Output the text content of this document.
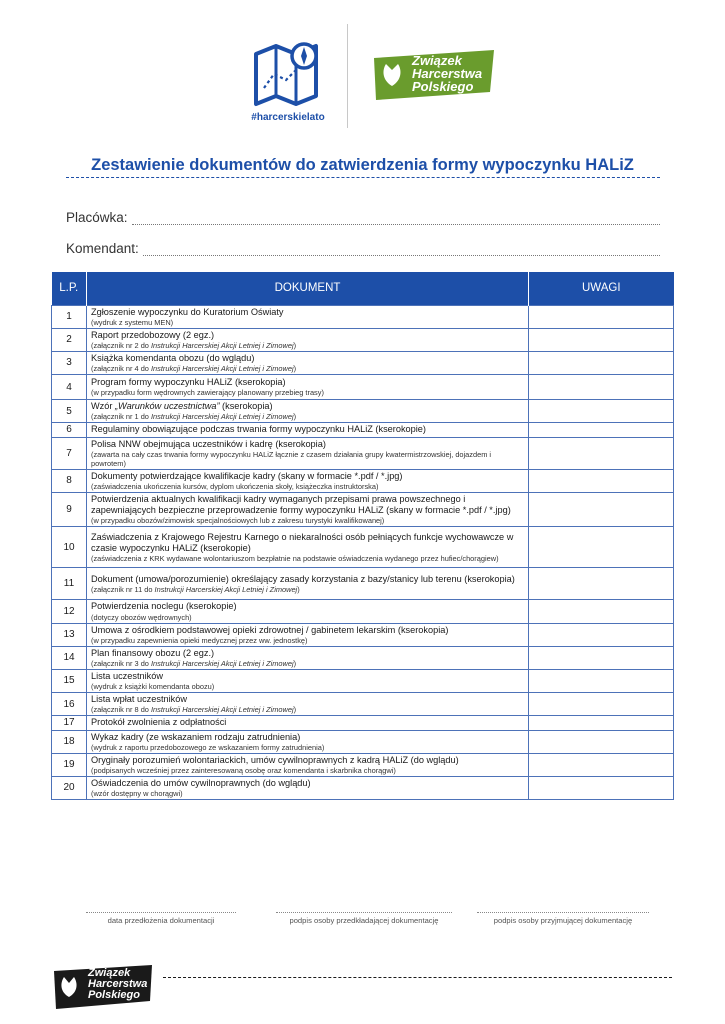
#harcerskielato
Związek
Harcerstwa
Polskiego
Zestawienie dokumentów do zatwierdzenia formy wypoczynku HALiZ
Placówka:
Komendant:
L.P.	DOKUMENT	UWAGI
1	Zgłoszenie wypoczynku do Kuratorium Oświaty
(wydruk z systemu MEN)	

2	Raport przedobozowy (2 egz.)
(załącznik nr 2 do Instrukcji Harcerskiej Akcji Letniej i Zimowej)	

3	Książka komendanta obozu (do wglądu)
(załącznik nr 4 do Instrukcji Harcerskiej Akcji Letniej i Zimowej)	

4	Program formy wypoczynku HALiZ (kserokopia)
(w przypadku form wędrownych zawierający planowany przebieg trasy)	

5	Wzór „Warunków uczestnictwa” (kserokopia)
(załącznik nr 1 do Instrukcji Harcerskiej Akcji Letniej i Zimowej)	

6	Regulaminy obowiązujące podczas trwania formy wypoczynku HALiZ (kserokopie)	

7	Polisa NNW obejmująca uczestników i kadrę (kserokopia)
(zawarta na cały czas trwania formy wypoczynku HALiZ łącznie z czasem działania grupy kwatermistrzowskiej, dojazdem i powrotem)	

8	Dokumenty potwierdzające kwalifikacje kadry (skany w formacie *.pdf / *.jpg)
(zaświadczenia ukończenia kursów, dyplom ukończenia skoły, książeczka instruktorska)	

9	Potwierdzenia aktualnych kwalifikacji kadry wymaganych przepisami prawa powszechnego i zapewniających bezpieczne przeprowadzenie formy wypoczynku HALiZ (skany w formacie *.pdf / *.jpg)
(w przypadku obozów/zimowisk specjalnościowych lub z zakresu turystyki kwalifikowanej)	

10	Zaświadczenia z Krajowego Rejestru Karnego o niekaralności osób pełniących funkcje wychowawcze w czasie wypoczynku HALiZ (kserokopie)
(zaświadczenia z KRK wydawane wolontariuszom bezpłatnie na podstawie oświadczenia wydanego przez hufiec/chorągiew)	

11	Dokument (umowa/porozumienie) określający zasady korzystania z bazy/stanicy lub terenu (kserokopia)
(załącznik nr 11 do Instrukcji Harcerskiej Akcji Letniej i Zimowej)	

12	Potwierdzenia noclegu (kserokopie)
(dotyczy obozów wędrownych)	

13	Umowa z ośrodkiem podstawowej opieki zdrowotnej / gabinetem lekarskim (kserokopia)
(w przypadku zapewnienia opieki medycznej przez ww. jednostkę)	

14	Plan finansowy obozu (2 egz.)
(załącznik nr 3 do Instrukcji Harcerskiej Akcji Letniej i Zimowej)	

15	Lista uczestników
(wydruk z książki komendanta obozu)	

16	Lista wpłat uczestników
(załącznik nr 8 do Instrukcji Harcerskiej Akcji Letniej i Zimowej)	

17	Protokół zwolnienia z odpłatności	

18	Wykaz kadry (ze wskazaniem rodzaju zatrudnienia)
(wydruk z raportu przedobozowego ze wskazaniem formy zatrudnienia)	

19	Oryginały porozumień wolontariackich, umów cywilnoprawnych z kadrą HALiZ (do wglądu)
(podpisanych wcześniej przez zainteresowaną osobę oraz komendanta i skarbnika chorągwi)	

20	Oświadczenia do umów cywilnoprawnych (do wglądu)
(wzór dostępny w chorągwi)	

data przedłożenia dokumentacji	podpis osoby przedkładającej dokumentację	podpis osoby przyjmującej dokumentację
Związek
Harcerstwa
Polskiego
